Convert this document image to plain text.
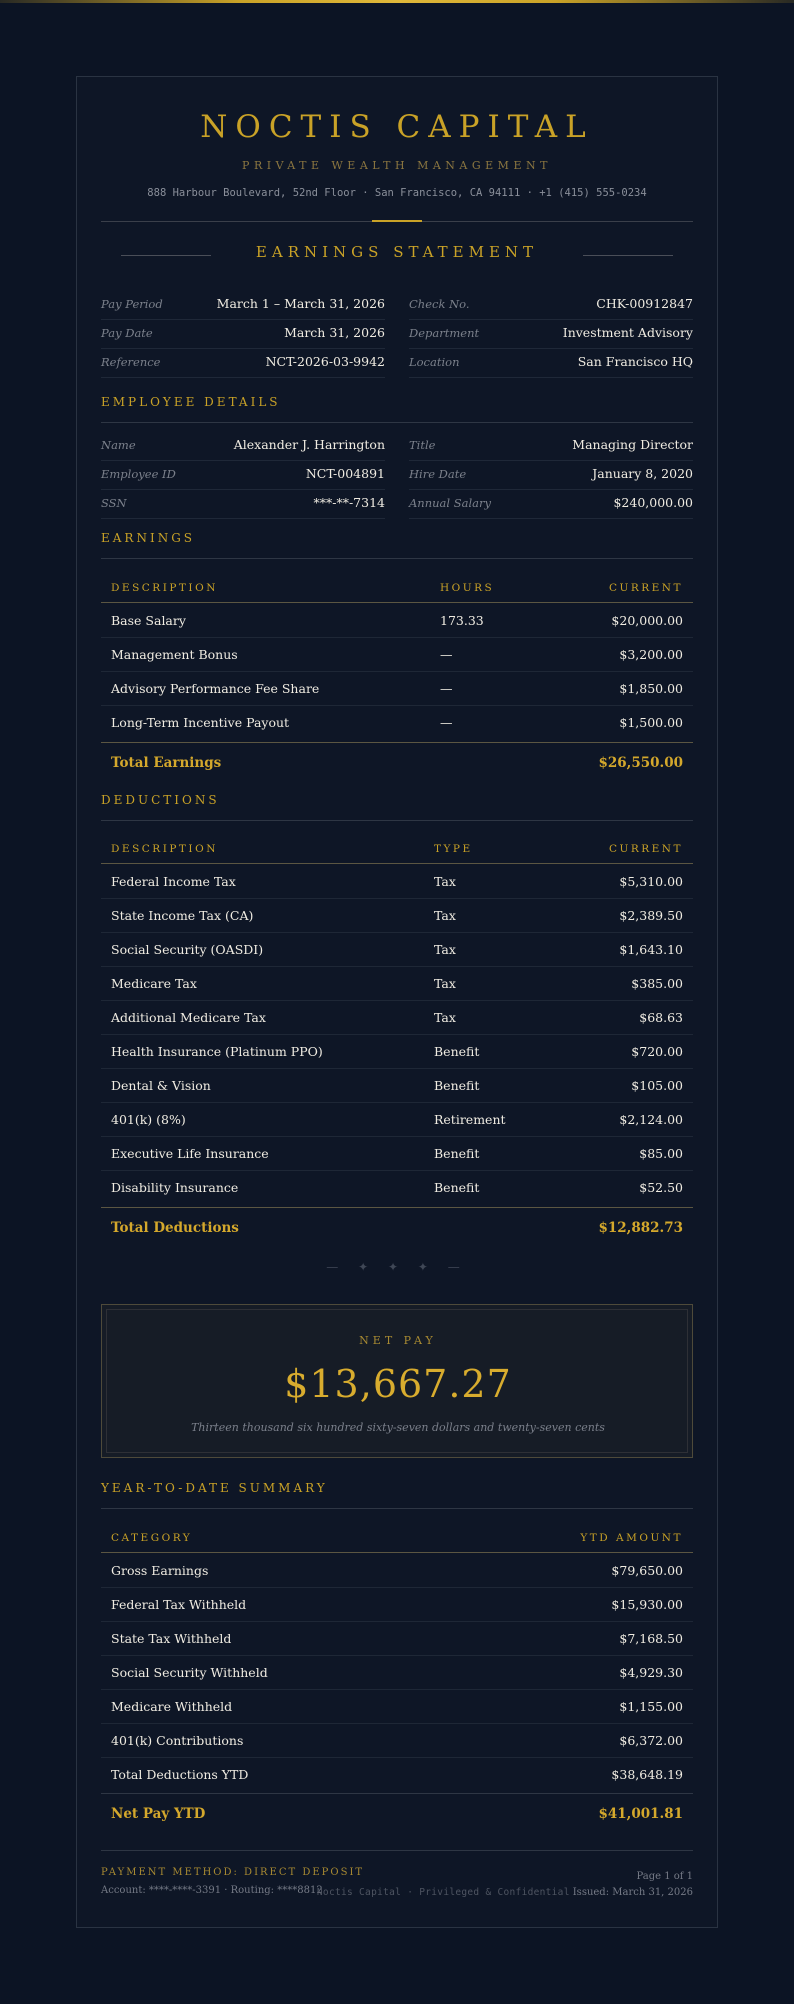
NOCTIS CAPITAL
PRIVATE WEALTH MANAGEMENT
888 Harbour Boulevard, 52nd Floor · San Francisco, CA 94111 · +1 (415) 555-0234
EARNINGS STATEMENT
Pay Period	March 1 – March 31, 2026
Pay Date	March 31, 2026
Reference	NCT-2026-03-9942
Check No.	CHK-00912847
Department	Investment Advisory
Location	San Francisco HQ
EMPLOYEE DETAILS
Name	Alexander J. Harrington
Employee ID	NCT-004891
SSN	***-**-7314
Title	Managing Director
Hire Date	January 8, 2020
Annual Salary	$240,000.00
EARNINGS
DESCRIPTION	HOURS	CURRENT
Base Salary	173.33	$20,000.00
Management Bonus	—	$3,200.00
Advisory Performance Fee Share	—	$1,850.00
Long-Term Incentive Payout	—	$1,500.00
Total Earnings	$26,550.00
DEDUCTIONS
DESCRIPTION	TYPE	CURRENT
Federal Income Tax	Tax	$5,310.00
State Income Tax (CA)	Tax	$2,389.50
Social Security (OASDI)	Tax	$1,643.10
Medicare Tax	Tax	$385.00
Additional Medicare Tax	Tax	$68.63
Health Insurance (Platinum PPO)	Benefit	$720.00
Dental & Vision	Benefit	$105.00
401(k) (8%)	Retirement	$2,124.00
Executive Life Insurance	Benefit	$85.00
Disability Insurance	Benefit	$52.50
Total Deductions	$12,882.73
— ✦ ✦ ✦ —
NET PAY
$13,667.27
Thirteen thousand six hundred sixty-seven dollars and twenty-seven cents
YEAR-TO-DATE SUMMARY
CATEGORY	YTD AMOUNT
Gross Earnings	$79,650.00
Federal Tax Withheld	$15,930.00
State Tax Withheld	$7,168.50
Social Security Withheld	$4,929.30
Medicare Withheld	$1,155.00
401(k) Contributions	$6,372.00
Total Deductions YTD	$38,648.19
Net Pay YTD	$41,001.81
PAYMENT METHOD: DIRECT DEPOSIT
Account: ****-****-3391 · Routing: ****8812
Page 1 of 1
Noctis Capital · Privileged & Confidential Issued: March 31, 2026
